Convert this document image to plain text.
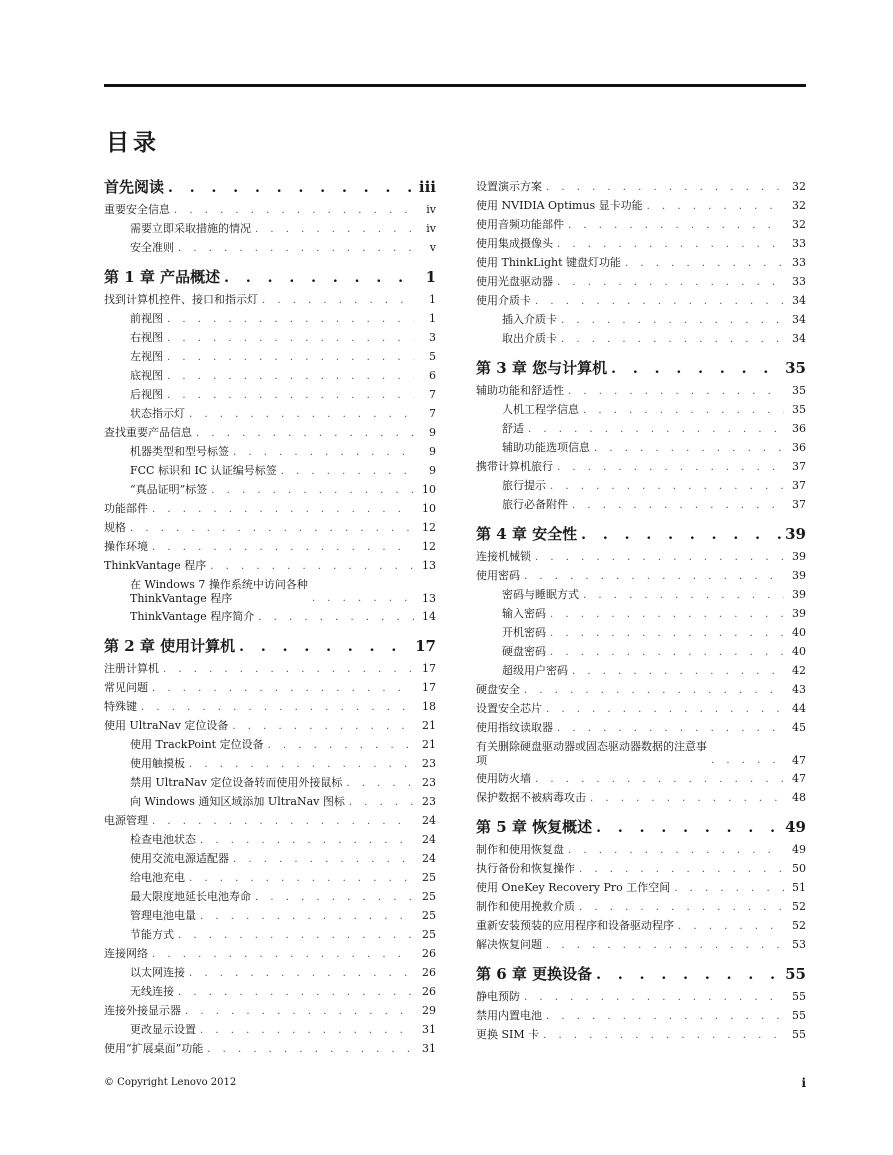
目录
首先阅读 . . .	iii
重要安全信息 . . .	iv
需要立即采取措施的情况 . . .	iv
安全准则 . . .	v
第 1 章 产品概述 . . .	1
找到计算机控件、接口和指示灯 . . .	1
前视图 . . .	1
右视图 . . .	3
左视图 . . .	5
底视图 . . .	6
后视图 . . .	7
状态指示灯 . . .	7
查找重要产品信息 . . .	9
机器类型和型号标签 . . .	9
FCC 标识和 IC 认证编号标签 . . .	9
“真品证明”标签 . . .	10
功能部件 . . .	10
规格 . . .	12
操作环境 . . .	12
ThinkVantage 程序 . . .	13
在 Windows 7 操作系统中访问各种
ThinkVantage 程序 . . .	13
ThinkVantage 程序简介 . . .	14
第 2 章 使用计算机 . . .	17
注册计算机 . . .	17
常见问题 . . .	17
特殊键 . . .	18
使用 UltraNav 定位设备 . . .	21
使用 TrackPoint 定位设备 . . .	21
使用触摸板 . . .	23
禁用 UltraNav 定位设备转而使用外接鼠标 . . .	23
向 Windows 通知区域添加 UltraNav 图标 . . .	23
电源管理 . . .	24
检查电池状态 . . .	24
使用交流电源适配器 . . .	24
给电池充电 . . .	25
最大限度地延长电池寿命 . . .	25
管理电池电量 . . .	25
节能方式 . . .	25
连接网络 . . .	26
以太网连接 . . .	26
无线连接 . . .	26
连接外接显示器 . . .	29
更改显示设置 . . .	31
使用“扩展桌面”功能 . . .	31
设置演示方案 . . .	32
使用 NVIDIA Optimus 显卡功能 . . .	32
使用音频功能部件 . . .	32
使用集成摄像头 . . .	33
使用 ThinkLight 键盘灯功能 . . .	33
使用光盘驱动器 . . .	33
使用介质卡 . . .	34
插入介质卡 . . .	34
取出介质卡 . . .	34
第 3 章 您与计算机 . . .	35
辅助功能和舒适性 . . .	35
人机工程学信息 . . .	35
舒适 . . .	36
辅助功能选项信息 . . .	36
携带计算机旅行 . . .	37
旅行提示 . . .	37
旅行必备附件 . . .	37
第 4 章 安全性 . . .	39
连接机械锁 . . .	39
使用密码 . . .	39
密码与睡眠方式 . . .	39
输入密码 . . .	39
开机密码 . . .	40
硬盘密码 . . .	40
超级用户密码 . . .	42
硬盘安全 . . .	43
设置安全芯片 . . .	44
使用指纹读取器 . . .	45
有关删除硬盘驱动器或固态驱动器数据的注意事
项 . . .	47
使用防火墙 . . .	47
保护数据不被病毒攻击 . . .	48
第 5 章 恢复概述 . . .	49
制作和使用恢复盘 . . .	49
执行备份和恢复操作 . . .	50
使用 OneKey Recovery Pro 工作空间 . . .	51
制作和使用挽救介质 . . .	52
重新安装预装的应用程序和设备驱动程序 . . .	52
解决恢复问题 . . .	53
第 6 章 更换设备 . . .	55
静电预防 . . .	55
禁用内置电池 . . .	55
更换 SIM 卡 . . .	55
© Copyright Lenovo 2012	i
